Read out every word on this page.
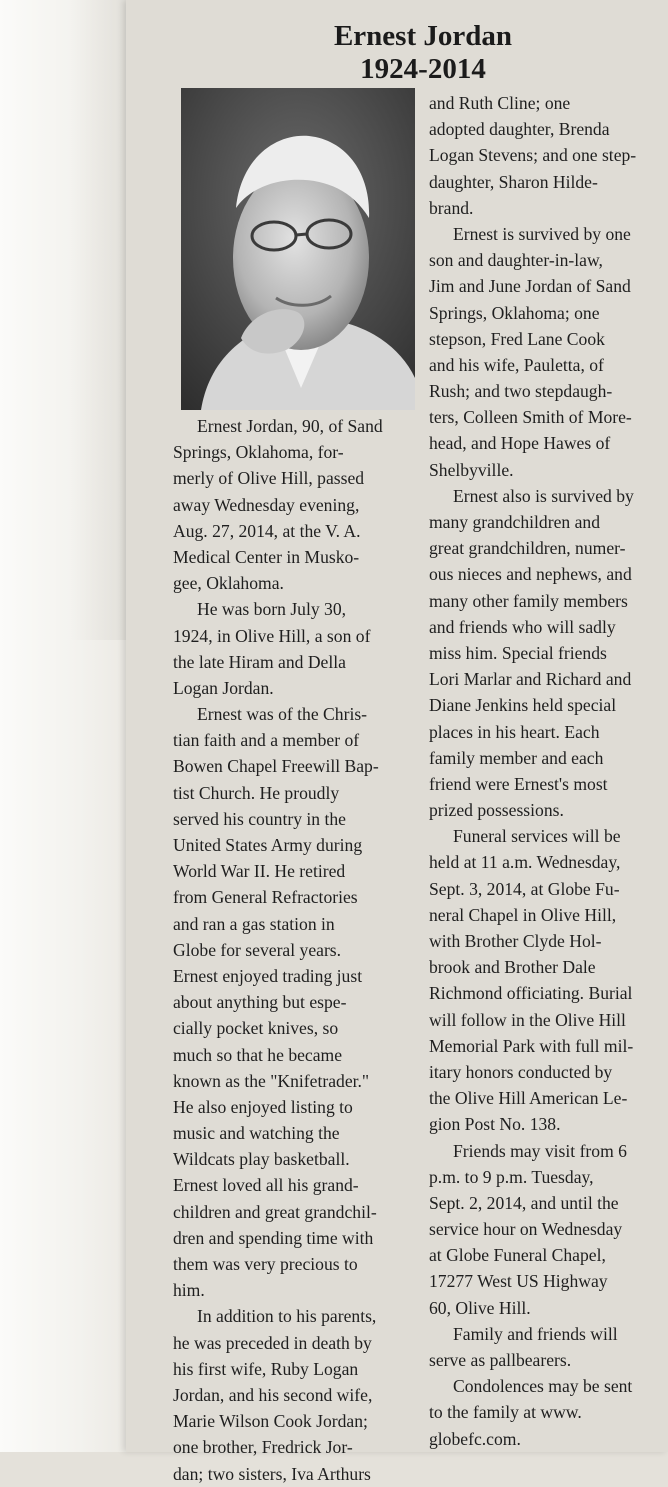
Ernest Jordan
1924-2014
Ernest Jordan, 90, of Sand
Springs, Oklahoma, for-
merly of Olive Hill, passed
away Wednesday evening,
Aug. 27, 2014, at the V. A.
Medical Center in Musko-
gee, Oklahoma.
He was born July 30,
1924, in Olive Hill, a son of
the late Hiram and Della
Logan Jordan.
Ernest was of the Chris-
tian faith and a member of
Bowen Chapel Freewill Bap-
tist Church. He proudly
served his country in the
United States Army during
World War II. He retired
from General Refractories
and ran a gas station in
Globe for several years.
Ernest enjoyed trading just
about anything but espe-
cially pocket knives, so
much so that he became
known as the "Knifetrader."
He also enjoyed listing to
music and watching the
Wildcats play basketball.
Ernest loved all his grand-
children and great grandchil-
dren and spending time with
them was very precious to
him.
In addition to his parents,
he was preceded in death by
his first wife, Ruby Logan
Jordan, and his second wife,
Marie Wilson Cook Jordan;
one brother, Fredrick Jor-
dan; two sisters, Iva Arthurs
and Ruth Cline; one
adopted daughter, Brenda
Logan Stevens; and one step-
daughter, Sharon Hilde-
brand.
Ernest is survived by one
son and daughter-in-law,
Jim and June Jordan of Sand
Springs, Oklahoma; one
stepson, Fred Lane Cook
and his wife, Pauletta, of
Rush; and two stepdaugh-
ters, Colleen Smith of More-
head, and Hope Hawes of
Shelbyville.
Ernest also is survived by
many grandchildren and
great grandchildren, numer-
ous nieces and nephews, and
many other family members
and friends who will sadly
miss him. Special friends
Lori Marlar and Richard and
Diane Jenkins held special
places in his heart. Each
family member and each
friend were Ernest's most
prized possessions.
Funeral services will be
held at 11 a.m. Wednesday,
Sept. 3, 2014, at Globe Fu-
neral Chapel in Olive Hill,
with Brother Clyde Hol-
brook and Brother Dale
Richmond officiating. Burial
will follow in the Olive Hill
Memorial Park with full mil-
itary honors conducted by
the Olive Hill American Le-
gion Post No. 138.
Friends may visit from 6
p.m. to 9 p.m. Tuesday,
Sept. 2, 2014, and until the
service hour on Wednesday
at Globe Funeral Chapel,
17277 West US Highway
60, Olive Hill.
Family and friends will
serve as pallbearers.
Condolences may be sent
to the family at www.
globefc.com.
